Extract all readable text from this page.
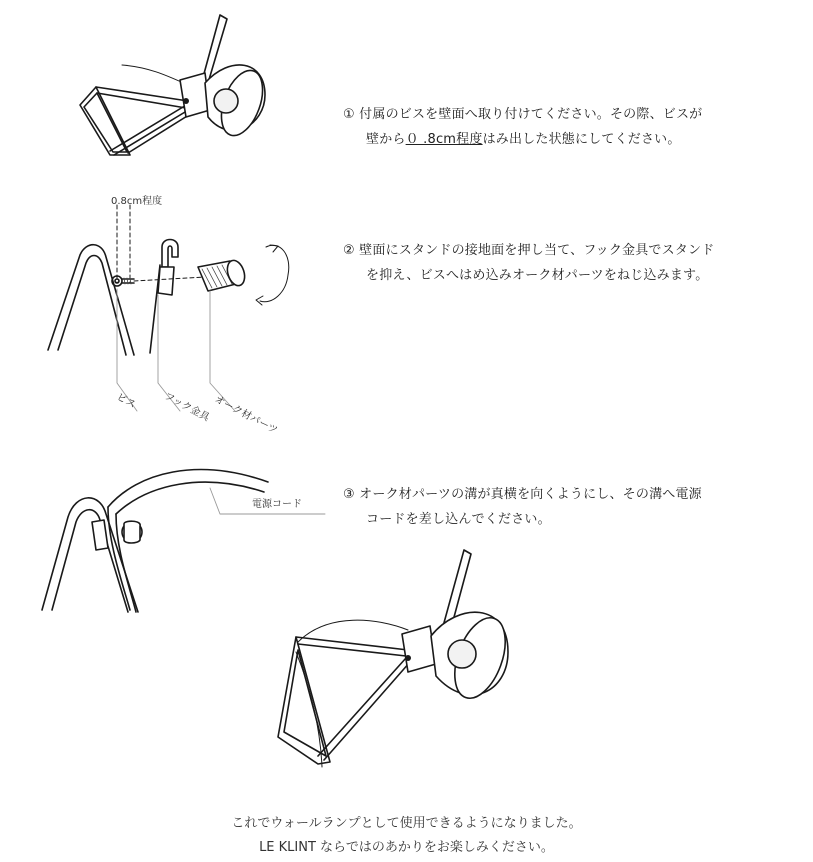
① 付属のビスを壁面へ取り付けてください。その際、ビスが
壁から０ .8cm程度はみ出した状態にしてください。
0.8cm程度
ビス フック金具 オーク材パーツ
② 壁面にスタンドの接地面を押し当て、フック金具でスタンド
を抑え、ビスへはめ込みオーク材パーツをねじ込みます。
電源コード
③ オーク材パーツの溝が真横を向くようにし、その溝へ電源
コードを差し込んでください。
これでウォールランプとして使用できるようになりました。
LE KLINT ならではのあかりをお楽しみください。
